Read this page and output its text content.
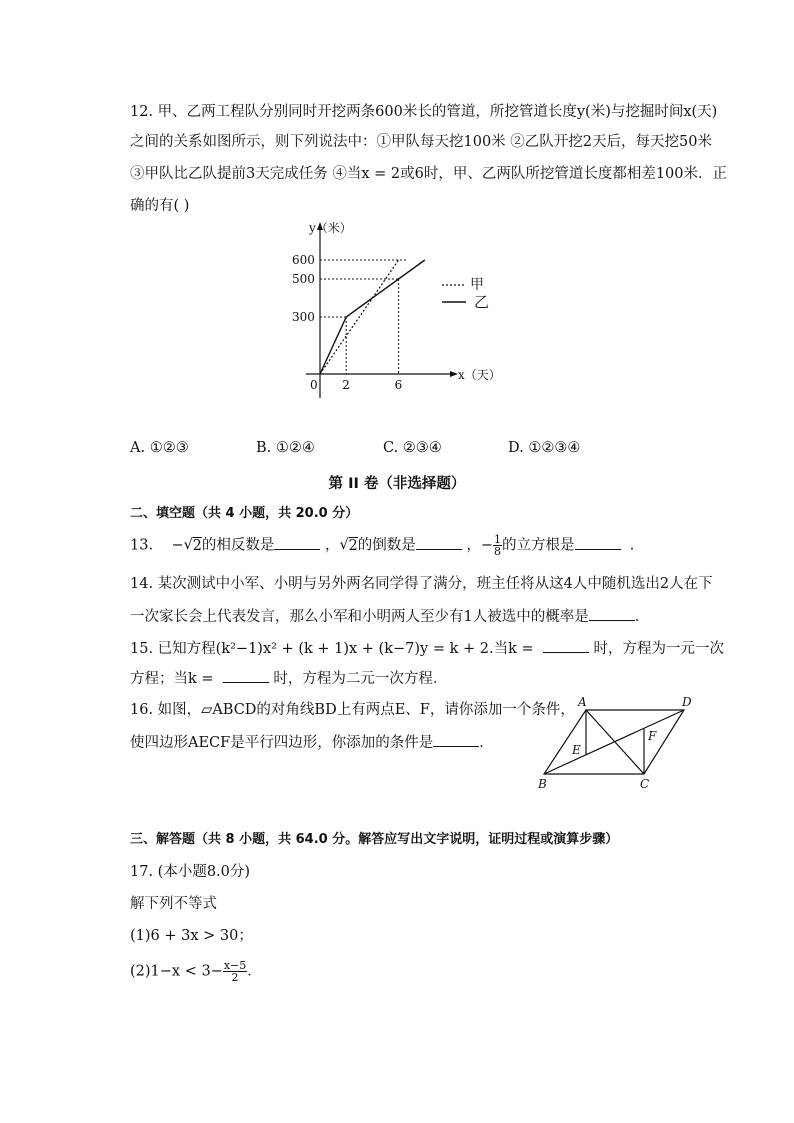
12. 甲、乙两工程队分别同时开挖两条600米长的管道，所挖管道长度y(米)与挖掘时间x(天)
之间的关系如图所示，则下列说法中：①甲队每天挖100米 ②乙队开挖2天后，每天挖50米
③甲队比乙队提前3天完成任务 ④当x = 2或6时，甲、乙两队所挖管道长度都相差100米．正
确的有( )
y（米）
x（天）
0
600
500
300
2	6
甲
乙
A. ①②③	B. ①②④	C. ②③④	D. ①②③④
第 II 卷（非选择题）
二、填空题（共 4 小题，共 20.0 分）
13. − √ 2的相反数是	， √ 2的倒数是	，− $\frac{1}{8}$ 的立方根是	．
14. 某次测试中小军、小明与另外两名同学得了满分，班主任将从这4人中随机选出2人在下
一次家长会上代表发言，那么小军和小明两人至少有1人被选中的概率是	．
15. 已知方程(k²−1)x² + (k + 1)x + (k−7)y = k + 2.当k =	时，方程为一元一次
方程；当k =	时，方程为二元一次方程．
16. 如图，▱ABCD的对角线BD上有两点E、F，请你添加一个条件，
使四边形AECF是平行四边形，你添加的条件是	．
A	D
B	C
E
F
三、解答题（共 8 小题，共 64.0 分。解答应写出文字说明，证明过程或演算步骤）
17. (本小题8.0分)
解下列不等式
(1)6 + 3x > 30；
$(2)1-x < 3- \frac{x-5}{2}$ ．
